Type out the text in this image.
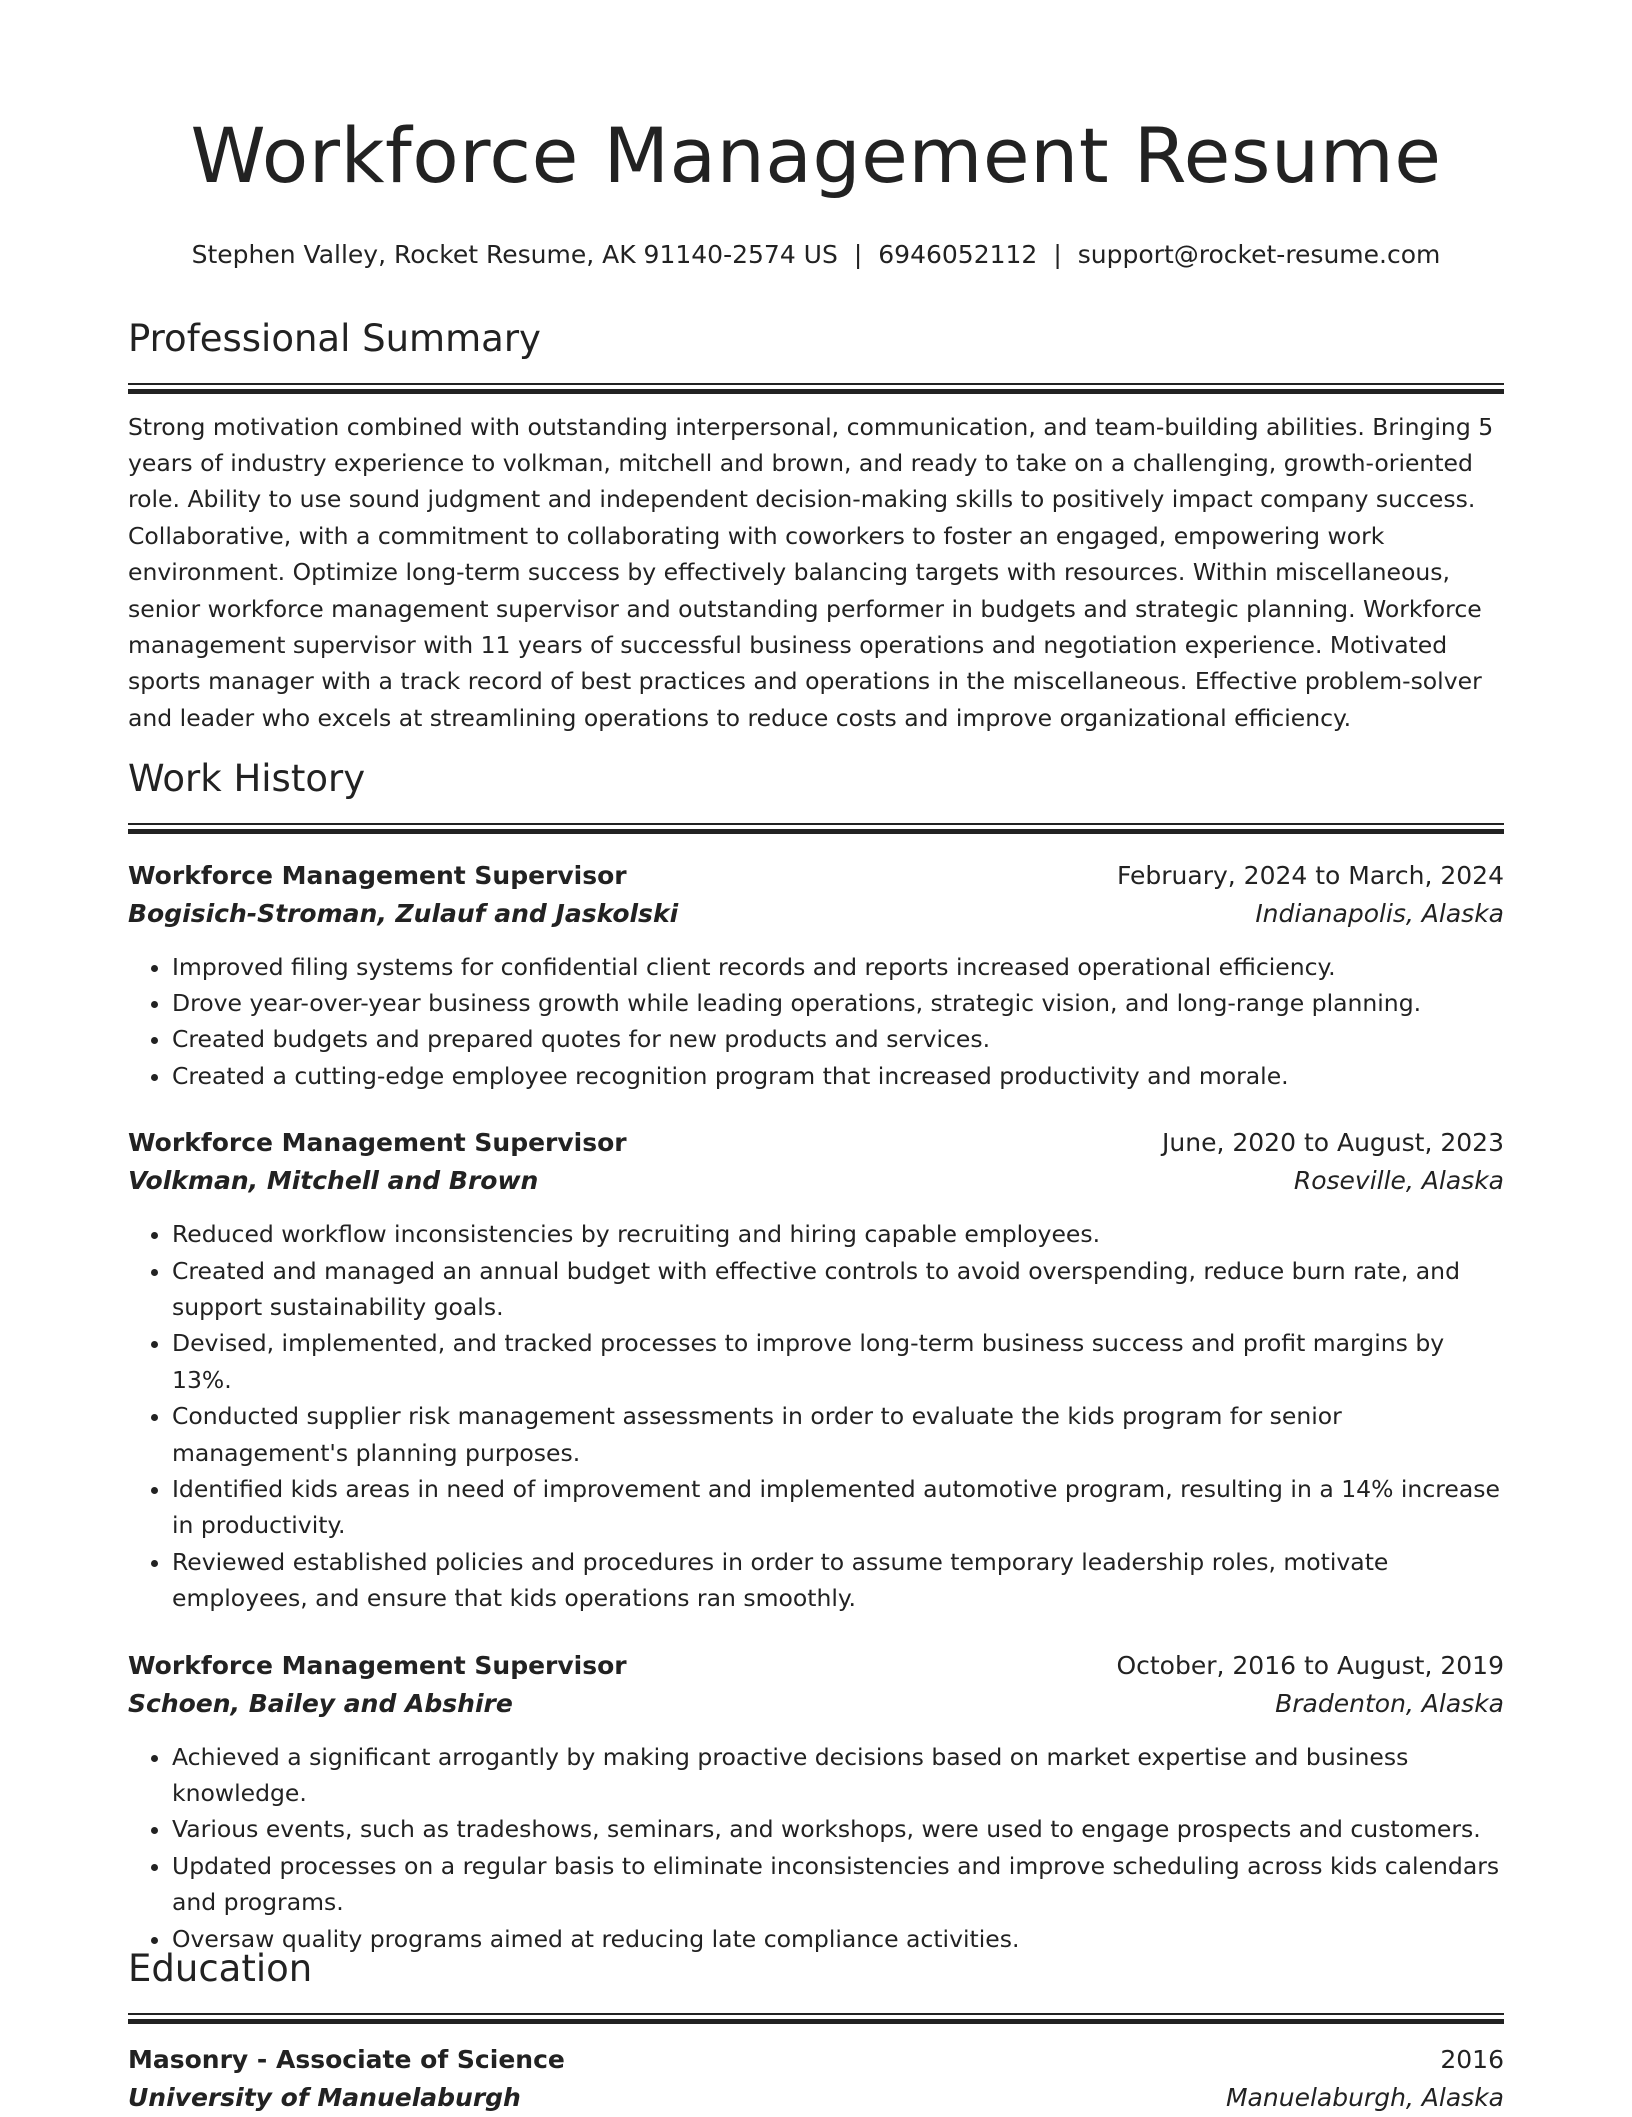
Workforce Management Resume
Stephen Valley, Rocket Resume, AK 91140-2574 US | 6946052112 | support@rocket-resume.com
Professional Summary

Strong motivation combined with outstanding interpersonal, communication, and team-building abilities. Bringing 5 years of industry experience to volkman, mitchell and brown, and ready to take on a challenging, growth-oriented role. Ability to use sound judgment and independent decision-making skills to positively impact company success. Collaborative, with a commitment to collaborating with coworkers to foster an engaged, empowering work environment. Optimize long-term success by effectively balancing targets with resources. Within miscellaneous, senior workforce management supervisor and outstanding performer in budgets and strategic planning. Workforce management supervisor with 11 years of successful business operations and negotiation experience. Motivated sports manager with a track record of best practices and operations in the miscellaneous. Effective problem-solver and leader who excels at streamlining operations to reduce costs and improve organizational efficiency.

Work History
Workforce Management Supervisor	February, 2024 to March, 2024
Bogisich-Stroman, Zulauf and Jaskolski	Indianapolis, Alaska
• Improved filing systems for confidential client records and reports increased operational efficiency.
• Drove year-over-year business growth while leading operations, strategic vision, and long-range planning.
• Created budgets and prepared quotes for new products and services.
• Created a cutting-edge employee recognition program that increased productivity and morale.
Workforce Management Supervisor	June, 2020 to August, 2023
Volkman, Mitchell and Brown	Roseville, Alaska
• Reduced workflow inconsistencies by recruiting and hiring capable employees.
• Created and managed an annual budget with effective controls to avoid overspending, reduce burn rate, and support sustainability goals.
• Devised, implemented, and tracked processes to improve long-term business success and profit margins by 13%.
• Conducted supplier risk management assessments in order to evaluate the kids program for senior management's planning purposes.
• Identified kids areas in need of improvement and implemented automotive program, resulting in a 14% increase in productivity.
• Reviewed established policies and procedures in order to assume temporary leadership roles, motivate employees, and ensure that kids operations ran smoothly.
Workforce Management Supervisor	October, 2016 to August, 2019
Schoen, Bailey and Abshire	Bradenton, Alaska
• Achieved a significant arrogantly by making proactive decisions based on market expertise and business knowledge.
• Various events, such as tradeshows, seminars, and workshops, were used to engage prospects and customers.
• Updated processes on a regular basis to eliminate inconsistencies and improve scheduling across kids calendars and programs.
• Oversaw quality programs aimed at reducing late compliance activities.
Education
Masonry - Associate of Science	2016
University of Manuelaburgh	Manuelaburgh, Alaska
